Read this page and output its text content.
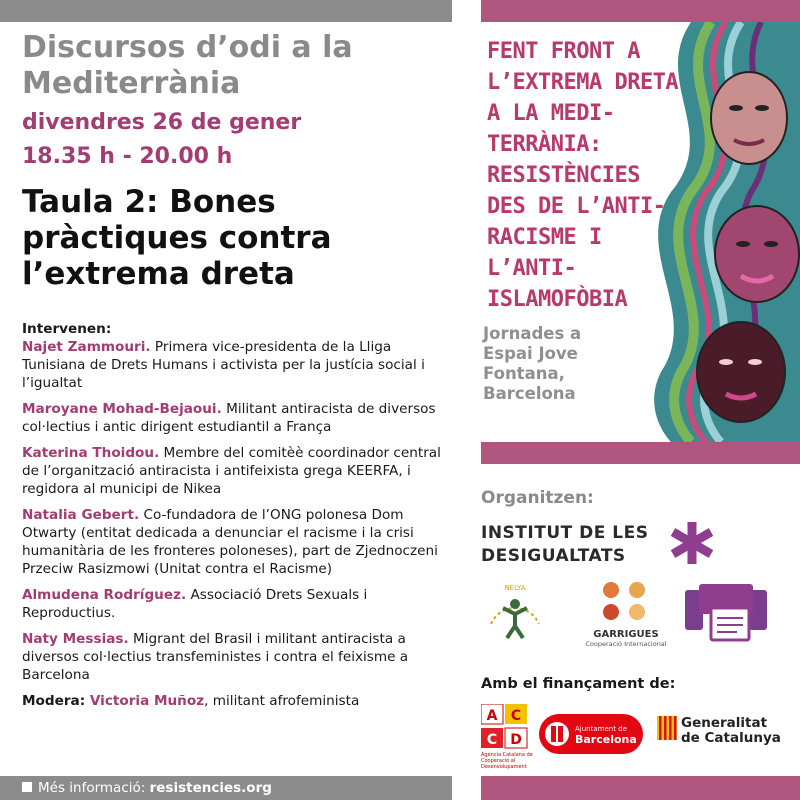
Discursos d’odi a la Mediterrània
divendres 26 de gener
18.35 h - 20.00 h
Taula 2: Bones pràctiques contra l’extrema dreta
Intervenen:
Najet Zammouri. Primera vice-presidenta de la Lliga Tunisiana de Drets Humans i activista per la justícia social i l’igualtat
Maroyane Mohad-Bejaoui. Militant antiracista de diversos col·lectius i antic dirigent estudiantil a França
Katerina Thoidou. Membre del comitèè coordinador central de l’organització antiracista i antifeixista grega KEERFA, i regidora al municipi de Nikea
Natalia Gebert. Co-fundadora de l’ONG polonesa Dom Otwarty (entitat dedicada a denunciar el racisme i la crisi humanitària de les fronteres poloneses), part de Zjednoczeni Przeciw Rasizmowi (Unitat contra el Racisme)
Almudena Rodríguez. Associació Drets Sexuals i Reproductius.
Naty Messias. Migrant del Brasil i militant antiracista a diversos col·lectius transfeministes i contra el feixisme a Barcelona
Modera: Victoria Muñoz, militant afrofeminista
Més informació: resistencies.org
FENT FRONT A
L’EXTREMA DRETA
A LA MEDI-
TERRÀNIA:
RESISTÈNCIES
DES DE L’ANTI-
RACISME I L’ANTI-
ISLAMOFÒBIA
Jornades a
Espai Jove
Fontana,
Barcelona
Organitzen:
INSTITUT DE LES
DESIGUALTATS
NELYA
GARRIGUES
Cooperació Internacional
Amb el finançament de:
A C
C D
Agència Catalana de Cooperació al Desenvolupament
Ajuntament de
Barcelona
Generalitat
de Catalunya
